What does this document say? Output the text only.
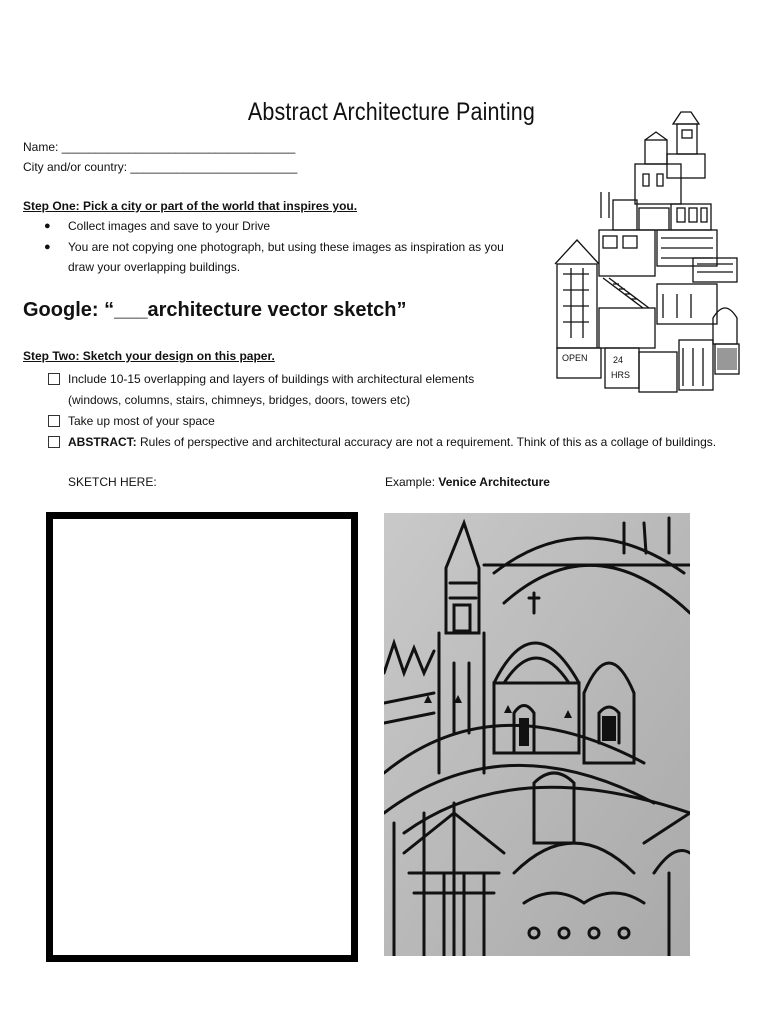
Abstract Architecture Painting
Name: ___________________________________
City and/or country: _________________________
Step One: Pick a city or part of the world that inspires you.
● Collect images and save to your Drive
● You are not copying one photograph, but using these images as inspiration as you
draw your overlapping buildings.
Google: “___architecture vector sketch”
Step Two: Sketch your design on this paper.
Include 10-15 overlapping and layers of buildings with architectural elements
(windows, columns, stairs, chimneys, bridges, doors, towers etc)
Take up most of your space
ABSTRACT: Rules of perspective and architectural accuracy are not a requirement. Think of this as a collage of buildings.
SKETCH HERE:	Example: Venice Architecture
OPEN	24
HRS
